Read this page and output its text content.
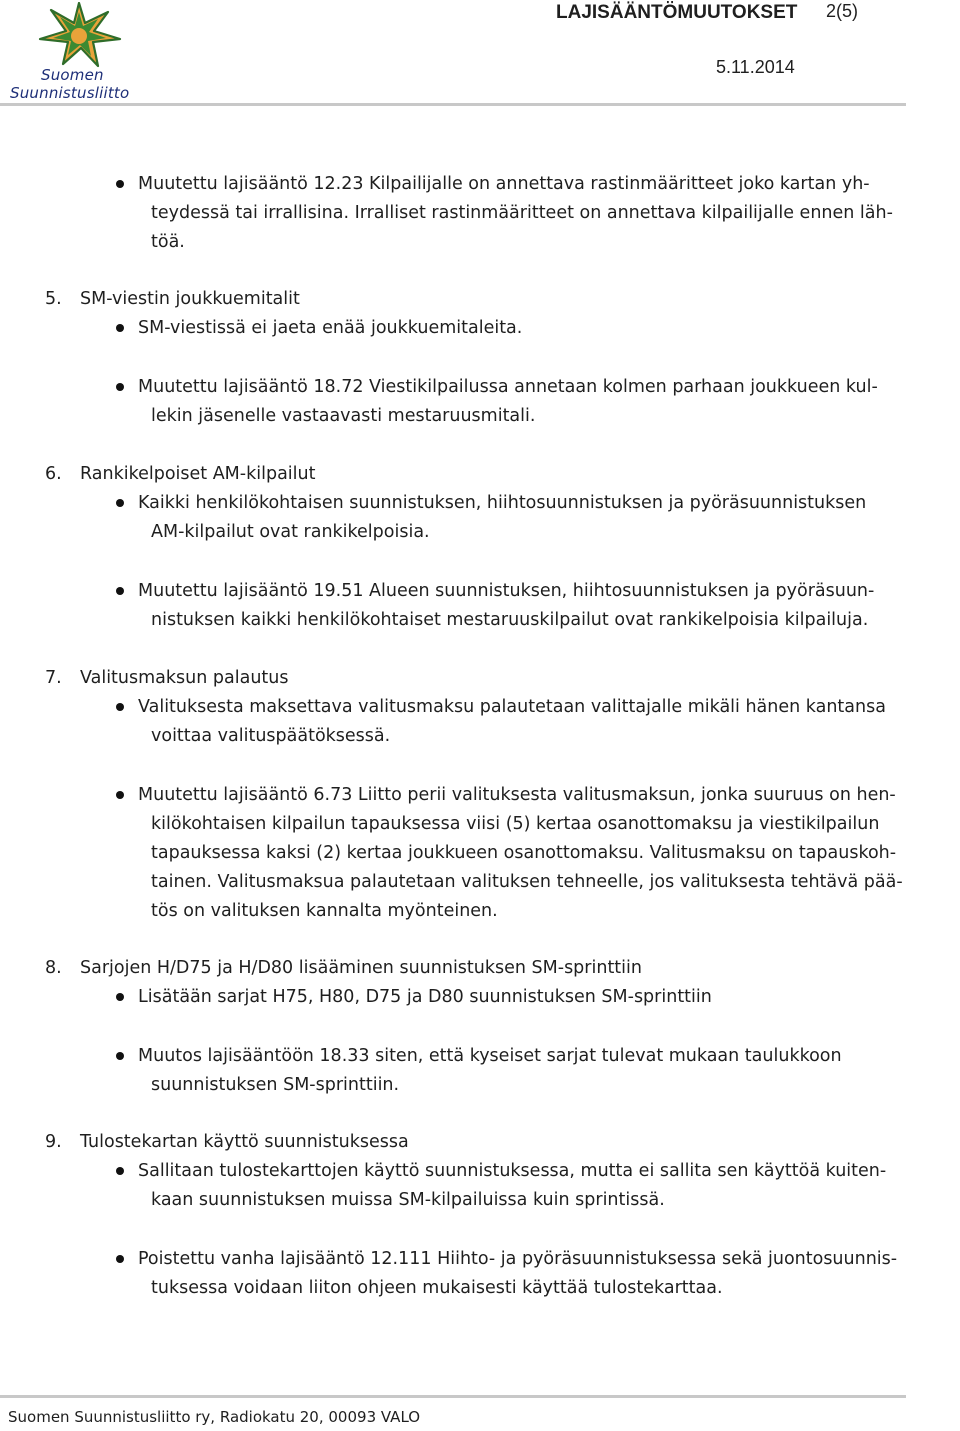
Suomen
Suunnistusliitto
LAJISÄÄNTÖMUUTOKSET 2(5)
5.11.2014
Muutettu lajisääntö 12.23 Kilpailijalle on annettava rastinmääritteet joko kartan yh-
teydessä tai irrallisina. Irralliset rastinmääritteet on annettava kilpailijalle ennen läh-
töä.
5. SM-viestin joukkuemitalit
SM-viestissä ei jaeta enää joukkuemitaleita.
Muutettu lajisääntö 18.72 Viestikilpailussa annetaan kolmen parhaan joukkueen kul-
lekin jäsenelle vastaavasti mestaruusmitali.
6. Rankikelpoiset AM-kilpailut
Kaikki henkilökohtaisen suunnistuksen, hiihtosuunnistuksen ja pyöräsuunnistuksen
AM-kilpailut ovat rankikelpoisia.
Muutettu lajisääntö 19.51 Alueen suunnistuksen, hiihtosuunnistuksen ja pyöräsuun-
nistuksen kaikki henkilökohtaiset mestaruuskilpailut ovat rankikelpoisia kilpailuja.
7. Valitusmaksun palautus
Valituksesta maksettava valitusmaksu palautetaan valittajalle mikäli hänen kantansa
voittaa valituspäätöksessä.
Muutettu lajisääntö 6.73 Liitto perii valituksesta valitusmaksun, jonka suuruus on hen-
kilökohtaisen kilpailun tapauksessa viisi (5) kertaa osanottomaksu ja viestikilpailun
tapauksessa kaksi (2) kertaa joukkueen osanottomaksu. Valitusmaksu on tapauskoh-
tainen. Valitusmaksua palautetaan valituksen tehneelle, jos valituksesta tehtävä pää-
tös on valituksen kannalta myönteinen.
8. Sarjojen H/D75 ja H/D80 lisääminen suunnistuksen SM-sprinttiin
Lisätään sarjat H75, H80, D75 ja D80 suunnistuksen SM-sprinttiin
Muutos lajisääntöön 18.33 siten, että kyseiset sarjat tulevat mukaan taulukkoon
suunnistuksen SM-sprinttiin.
9. Tulostekartan käyttö suunnistuksessa
Sallitaan tulostekarttojen käyttö suunnistuksessa, mutta ei sallita sen käyttöä kuiten-
kaan suunnistuksen muissa SM-kilpailuissa kuin sprintissä.
Poistettu vanha lajisääntö 12.111 Hiihto- ja pyöräsuunnistuksessa sekä juontosuunnis-
tuksessa voidaan liiton ohjeen mukaisesti käyttää tulostekarttaa.
Suomen Suunnistusliitto ry, Radiokatu 20, 00093 VALO
